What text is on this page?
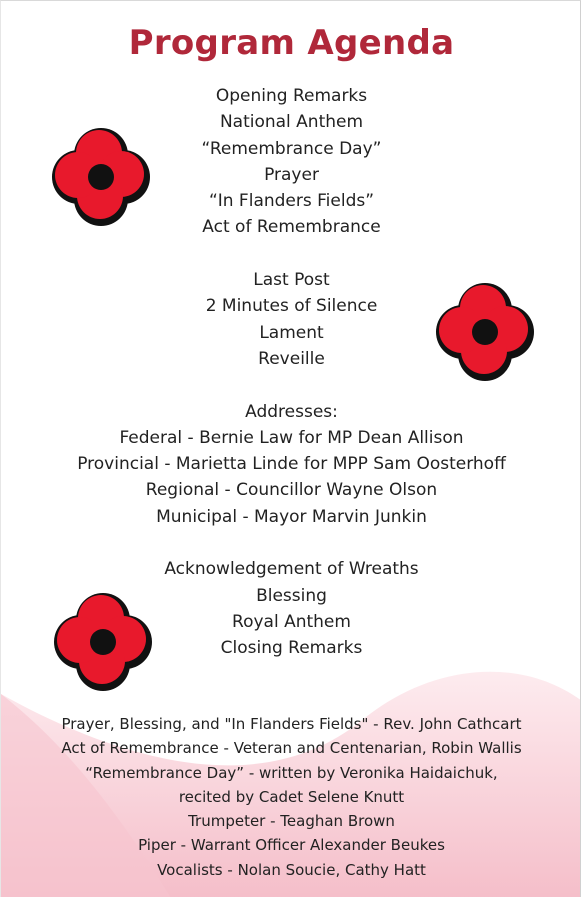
Program Agenda
Opening Remarks
National Anthem
“Remembrance Day”
Prayer
“In Flanders Fields”
Act of Remembrance
Last Post
2 Minutes of Silence
Lament
Reveille
Addresses:
Federal - Bernie Law for MP Dean Allison
Provincial - Marietta Linde for MPP Sam Oosterhoff
Regional - Councillor Wayne Olson
Municipal - Mayor Marvin Junkin
Acknowledgement of Wreaths
Blessing
Royal Anthem
Closing Remarks
Prayer, Blessing, and "In Flanders Fields" - Rev. John Cathcart
Act of Remembrance - Veteran and Centenarian, Robin Wallis
“Remembrance Day” - written by Veronika Haidaichuk,
recited by Cadet Selene Knutt
Trumpeter - Teaghan Brown
Piper - Warrant Officer Alexander Beukes
Vocalists - Nolan Soucie, Cathy Hatt
